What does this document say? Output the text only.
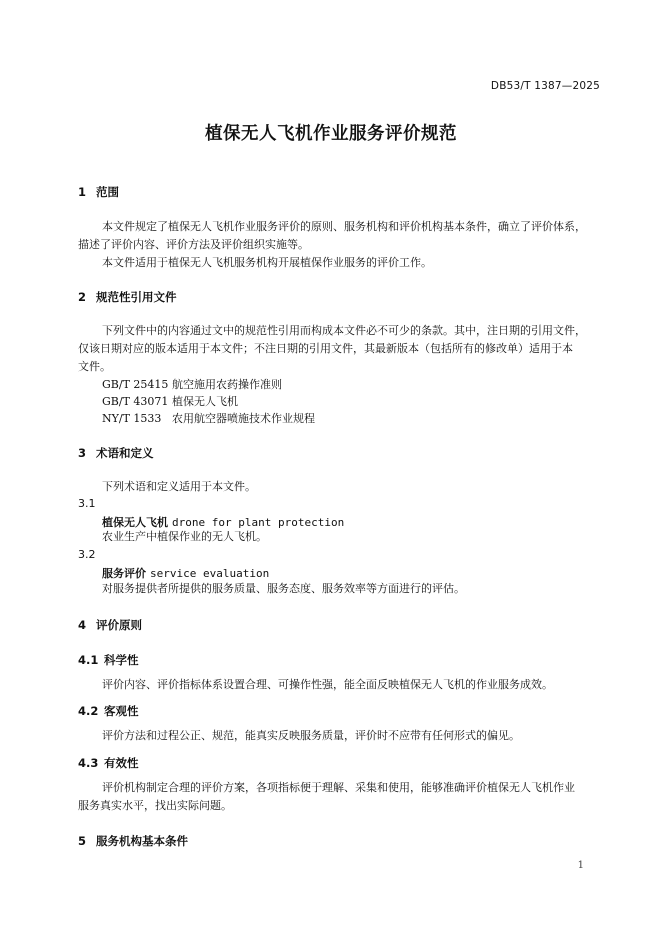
DB53/T 1387—2025
植保无人飞机作业服务评价规范
1 范围
本文件规定了植保无人飞机作业服务评价的原则、服务机构和评价机构基本条件，确立了评价体系，
描述了评价内容、评价方法及评价组织实施等。
本文件适用于植保无人飞机服务机构开展植保作业服务的评价工作。
2 规范性引用文件
下列文件中的内容通过文中的规范性引用而构成本文件必不可少的条款。其中，注日期的引用文件，
仅该日期对应的版本适用于本文件；不注日期的引用文件，其最新版本（包括所有的修改单）适用于本
文件。
GB/T 25415 航空施用农药操作准则
GB/T 43071 植保无人飞机
NY/T 1533 农用航空器喷施技术作业规程
3 术语和定义
下列术语和定义适用于本文件。
3.1
植保无人飞机 drone for plant protection
农业生产中植保作业的无人飞机。
3.2
服务评价 service evaluation
对服务提供者所提供的服务质量、服务态度、服务效率等方面进行的评估。
4 评价原则
4.1 科学性
评价内容、评价指标体系设置合理、可操作性强，能全面反映植保无人飞机的作业服务成效。
4.2 客观性
评价方法和过程公正、规范，能真实反映服务质量，评价时不应带有任何形式的偏见。
4.3 有效性
评价机构制定合理的评价方案，各项指标便于理解、采集和使用，能够准确评价植保无人飞机作业
服务真实水平，找出实际问题。
5 服务机构基本条件
1
